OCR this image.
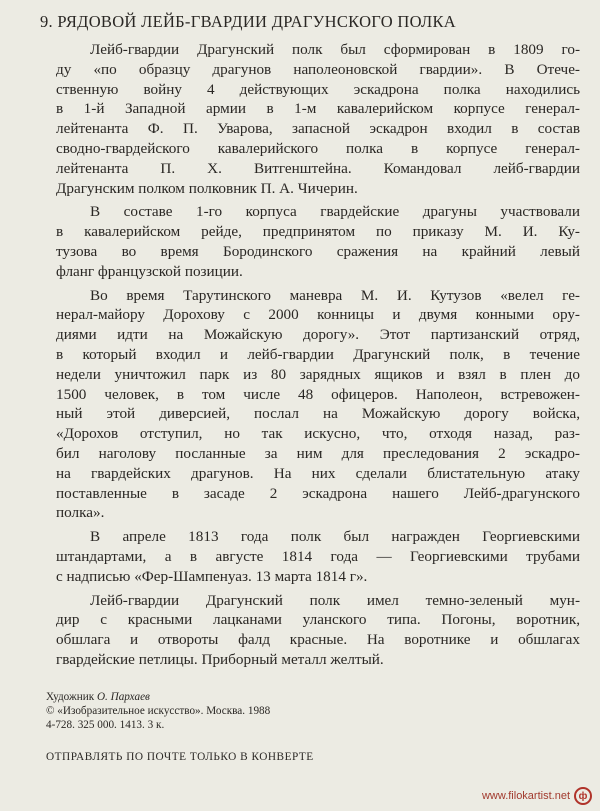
9. РЯДОВОЙ ЛЕЙБ-ГВАРДИИ ДРАГУНСКОГО ПОЛКА
Лейб-гвардии Драгунский полк был сформирован в 1809 го-
ду «по образцу драгунов наполеоновской гвардии». В Отече-
ственную войну 4 действующих эскадрона полка находились
в 1-й Западной армии в 1-м кавалерийском корпусе генерал-
лейтенанта Ф. П. Уварова, запасной эскадрон входил в состав
сводно-гвардейского кавалерийского полка в корпусе генерал-
лейтенанта П. Х. Витгенштейна. Командовал лейб-гвардии
Драгунским полком полковник П. А. Чичерин.
В составе 1-го корпуса гвардейские драгуны участвовали
в кавалерийском рейде, предпринятом по приказу М. И. Ку-
тузова во время Бородинского сражения на крайний левый
фланг французской позиции.
Во время Тарутинского маневра М. И. Кутузов «велел ге-
нерал-майору Дорохову с 2000 конницы и двумя конными ору-
диями идти на Можайскую дорогу». Этот партизанский отряд,
в который входил и лейб-гвардии Драгунский полк, в течение
недели уничтожил парк из 80 зарядных ящиков и взял в плен до
1500 человек, в том числе 48 офицеров. Наполеон, встревожен-
ный этой диверсией, послал на Можайскую дорогу войска,
«Дорохов отступил, но так искусно, что, отходя назад, раз-
бил наголову посланные за ним для преследования 2 эскадро-
на гвардейских драгунов. На них сделали блистательную атаку
поставленные в засаде 2 эскадрона нашего Лейб-драгунского
полка».
В апреле 1813 года полк был награжден Георгиевскими
штандартами, а в августе 1814 года — Георгиевскими трубами
с надписью «Фер-Шампенуаз. 13 марта 1814 г».
Лейб-гвардии Драгунский полк имел темно-зеленый мун-
дир с красными лацканами уланского типа. Погоны, воротник,
обшлага и отвороты фалд красные. На воротнике и обшлагах
гвардейские петлицы. Приборный металл желтый.
Художник О. Пархаев
© «Изобразительное искусство». Москва. 1988
4-728. 325 000. 1413. 3 к.
ОТПРАВЛЯТЬ ПО ПОЧТЕ ТОЛЬКО В КОНВЕРТЕ
www.filokartist.net ф
